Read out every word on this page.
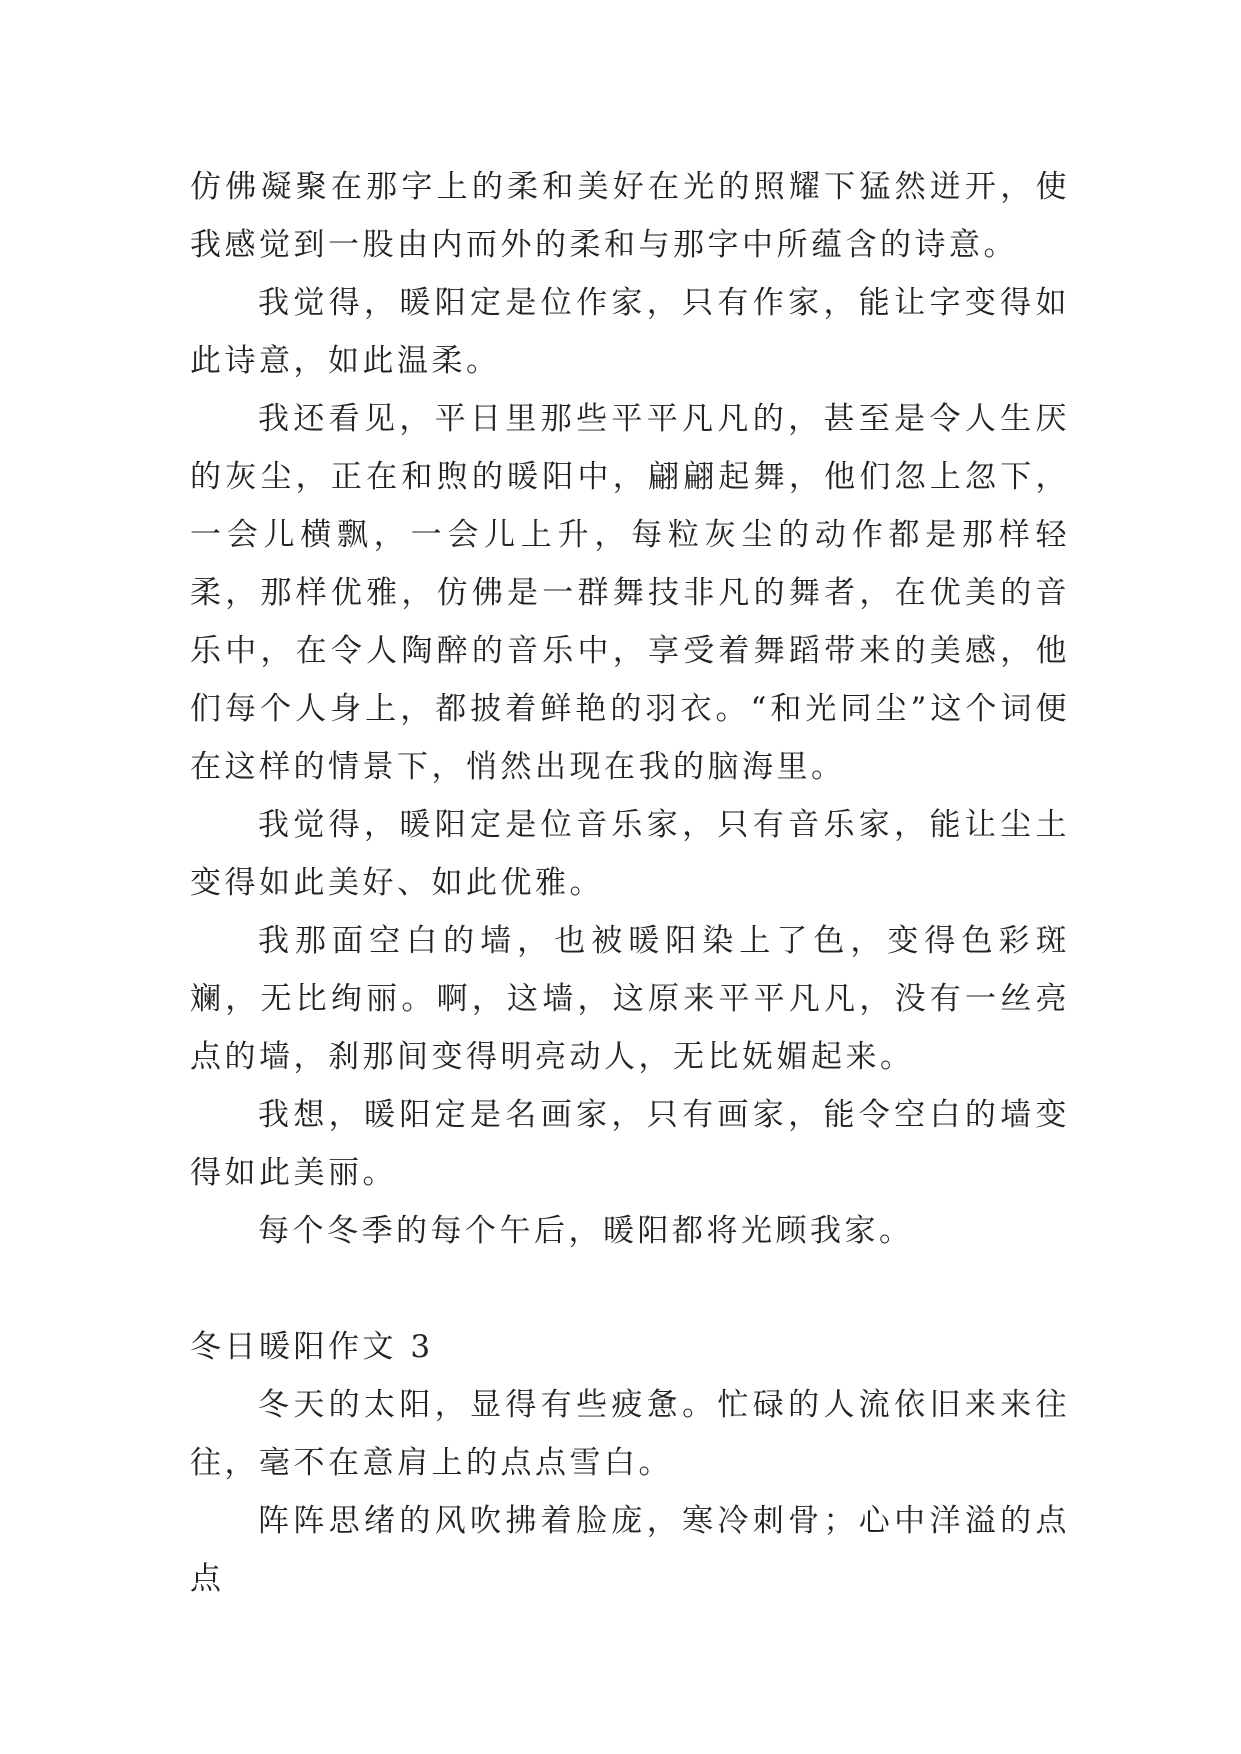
仿佛凝聚在那字上的柔和美好在光的照耀下猛然迸开，使我感觉到一股由内而外的柔和与那字中所蕴含的诗意。

我觉得，暖阳定是位作家，只有作家，能让字变得如此诗意，如此温柔。

我还看见，平日里那些平平凡凡的，甚至是令人生厌的灰尘，正在和煦的暖阳中，翩翩起舞，他们忽上忽下，一会儿横飘，一会儿上升，每粒灰尘的动作都是那样轻柔，那样优雅，仿佛是一群舞技非凡的舞者，在优美的音乐中，在令人陶醉的音乐中，享受着舞蹈带来的美感，他们每个人身上，都披着鲜艳的羽衣。“和光同尘”这个词便在这样的情景下，悄然出现在我的脑海里。

我觉得，暖阳定是位音乐家，只有音乐家，能让尘土变得如此美好、如此优雅。

我那面空白的墙，也被暖阳染上了色，变得色彩斑斓，无比绚丽。啊，这墙，这原来平平凡凡，没有一丝亮点的墙，刹那间变得明亮动人，无比妩媚起来。

我想，暖阳定是名画家，只有画家，能令空白的墙变得如此美丽。

每个冬季的每个午后，暖阳都将光顾我家。

冬日暖阳作文 3

冬天的太阳，显得有些疲惫。忙碌的人流依旧来来往往，毫不在意肩上的点点雪白。

阵阵思绪的风吹拂着脸庞，寒冷刺骨；心中洋溢的点点
